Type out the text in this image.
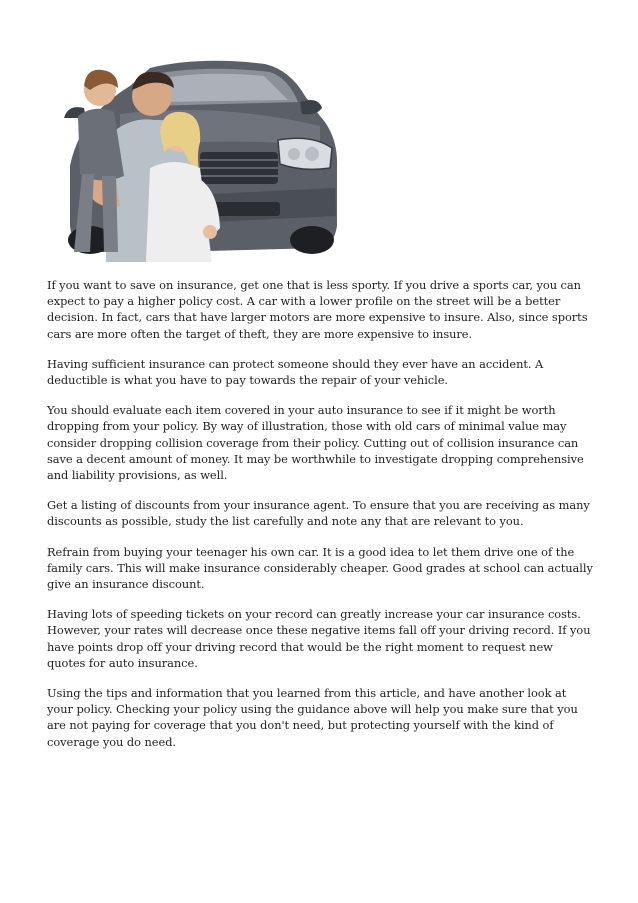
If you want to save on insurance, get one that is less sporty. If you drive a sports car, you can expect to pay a higher policy cost. A car with a lower profile on the street will be a better decision. In fact, cars that have larger motors are more expensive to insure. Also, since sports cars are more often the target of theft, they are more expensive to insure.

Having sufficient insurance can protect someone should they ever have an accident. A deductible is what you have to pay towards the repair of your vehicle.

You should evaluate each item covered in your auto insurance to see if it might be worth dropping from your policy. By way of illustration, those with old cars of minimal value may consider dropping collision coverage from their policy. Cutting out of collision insurance can save a decent amount of money. It may be worthwhile to investigate dropping comprehensive and liability provisions, as well.

Get a listing of discounts from your insurance agent. To ensure that you are receiving as many discounts as possible, study the list carefully and note any that are relevant to you.

Refrain from buying your teenager his own car. It is a good idea to let them drive one of the family cars. This will make insurance considerably cheaper. Good grades at school can actually give an insurance discount.

Having lots of speeding tickets on your record can greatly increase your car insurance costs. However, your rates will decrease once these negative items fall off your driving record. If you have points drop off your driving record that would be the right moment to request new quotes for auto insurance.

Using the tips and information that you learned from this article, and have another look at your policy. Checking your policy using the guidance above will help you make sure that you are not paying for coverage that you don't need, but protecting yourself with the kind of coverage you do need.
